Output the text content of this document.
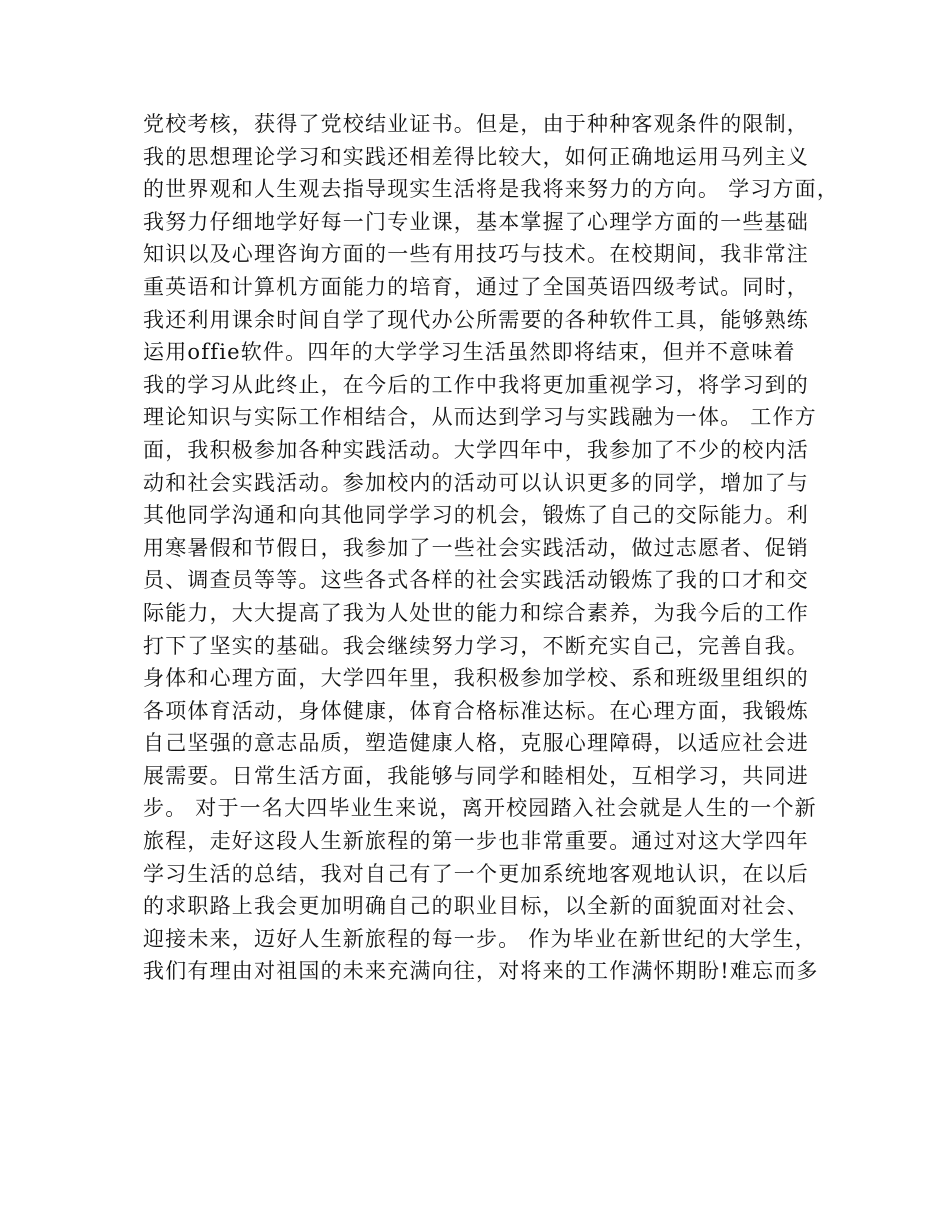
党校考核，获得了党校结业证书。但是，由于种种客观条件的限制，
我的思想理论学习和实践还相差得比较大，如何正确地运用马列主义
的世界观和人生观去指导现实生活将是我将来努力的方向。 学习方面，
我努力仔细地学好每一门专业课，基本掌握了心理学方面的一些基础
知识以及心理咨询方面的一些有用技巧与技术。在校期间，我非常注
重英语和计算机方面能力的培育，通过了全国英语四级考试。同时，
我还利用课余时间自学了现代办公所需要的各种软件工具，能够熟练
运用offie软件。四年的大学学习生活虽然即将结束，但并不意味着
我的学习从此终止，在今后的工作中我将更加重视学习，将学习到的
理论知识与实际工作相结合，从而达到学习与实践融为一体。 工作方
面，我积极参加各种实践活动。大学四年中，我参加了不少的校内活
动和社会实践活动。参加校内的活动可以认识更多的同学，增加了与
其他同学沟通和向其他同学学习的机会，锻炼了自己的交际能力。利
用寒暑假和节假日，我参加了一些社会实践活动，做过志愿者、促销
员、调查员等等。这些各式各样的社会实践活动锻炼了我的口才和交
际能力，大大提高了我为人处世的能力和综合素养，为我今后的工作
打下了坚实的基础。我会继续努力学习，不断充实自己，完善自我。
身体和心理方面，大学四年里，我积极参加学校、系和班级里组织的
各项体育活动，身体健康，体育合格标准达标。在心理方面，我锻炼
自己坚强的意志品质，塑造健康人格，克服心理障碍，以适应社会进
展需要。日常生活方面，我能够与同学和睦相处，互相学习，共同进
步。 对于一名大四毕业生来说，离开校园踏入社会就是人生的一个新
旅程，走好这段人生新旅程的第一步也非常重要。通过对这大学四年
学习生活的总结，我对自己有了一个更加系统地客观地认识，在以后
的求职路上我会更加明确自己的职业目标，以全新的面貌面对社会、
迎接未来，迈好人生新旅程的每一步。 作为毕业在新世纪的大学生，
我们有理由对祖国的未来充满向往，对将来的工作满怀期盼!难忘而多
